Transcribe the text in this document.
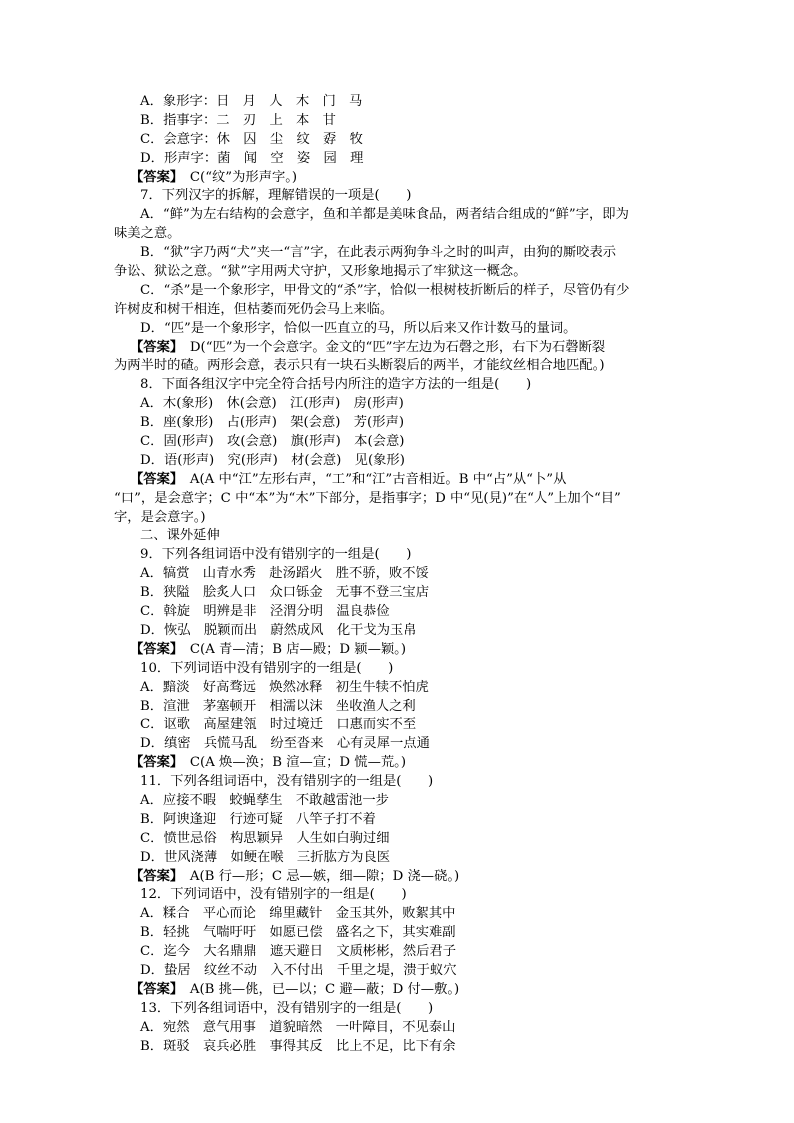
A．象形字：日　月　人　木　门　马
B．指事字：二　刃　上　本　甘
C．会意字：休　囚　尘　纹　孬　牧
D．形声字：菌　闻　空　姿　园　理
【答案】　C(“纹”为形声字。)
7．下列汉字的拆解，理解错误的一项是(　　)
A．“鲜”为左右结构的会意字，鱼和羊都是美味食品，两者结合组成的“鲜”字，即为
味美之意。
B．“狱”字乃两“犬”夹一“言”字，在此表示两狗争斗之时的叫声，由狗的厮咬表示
争讼、狱讼之意。“狱”字用两犬守护，又形象地揭示了牢狱这一概念。
C．“杀”是一个象形字，甲骨文的“杀”字，恰似一根树枝折断后的样子，尽管仍有少
许树皮和树干相连，但枯萎而死仍会马上来临。
D．“匹”是一个象形字，恰似一匹直立的马，所以后来又作计数马的量词。
【答案】　D(“匹”为一个会意字。金文的“匹”字左边为石磬之形，右下为石磬断裂
为两半时的碴。两形会意，表示只有一块石头断裂后的两半，才能纹丝相合地匹配。)
8．下面各组汉字中完全符合括号内所注的造字方法的一组是(　　)
A．木(象形)　休(会意)　江(形声)　房(形声)
B．座(象形)　占(形声)　架(会意)　芳(形声)
C．固(形声)　攻(会意)　旗(形声)　本(会意)
D．语(形声)　究(形声)　材(会意)　见(象形)
【答案】　A(A 中“江”左形右声，“工”和“江”古音相近。B 中“占”从“卜”从
“口”，是会意字；C 中“本”为“木”下部分，是指事字；D 中“见(見)”在“人”上加个“目”
字，是会意字。)
二、课外延伸
9．下列各组词语中没有错别字的一组是(　　)
A．犒赏　山青水秀　赴汤蹈火　胜不骄，败不馁
B．狭隘　脍炙人口　众口铄金　无事不登三宝店
C．斡旋　明辨是非　泾渭分明　温良恭俭
D．恢弘　脱颖而出　蔚然成风　化干戈为玉帛
【答案】　C(A 青—清；B 店—殿；D 颍—颖。)
10．下列词语中没有错别字的一组是(　　)
A．黯淡　好高骛远　焕然冰释　初生牛犊不怕虎
B．渲泄　茅塞顿开　相濡以沫　坐收渔人之利
C．讴歌　高屋建瓴　时过境迁　口惠而实不至
D．缜密　兵慌马乱　纷至沓来　心有灵犀一点通
【答案】　C(A 焕—涣；B 渲—宣；D 慌—荒。)
11．下列各组词语中，没有错别字的一组是(　　)
A．应接不暇　蛟蝇孳生　不敢越雷池一步
B．阿谀逢迎　行迹可疑　八竿子打不着
C．愤世忌俗　构思颖异　人生如白驹过细
D．世风浇薄　如鲠在喉　三折肱方为良医
【答案】　A(B 行—形；C 忌—嫉，细—隙；D 浇—硗。)
12．下列词语中，没有错别字的一组是(　　)
A．糅合　平心而论　绵里藏针　金玉其外，败絮其中
B．轻挑　气喘吁吁　如愿已偿　盛名之下，其实难副
C．迄今　大名鼎鼎　遮天避日　文质彬彬，然后君子
D．蛰居　纹丝不动　入不付出　千里之堤，溃于蚁穴
【答案】　A(B 挑—佻，已—以；C 避—蔽；D 付—敷。)
13．下列各组词语中，没有错别字的一组是(　　)
A．宛然　意气用事　道貌暗然　一叶障目，不见泰山
B．斑驳　哀兵必胜　事得其反　比上不足，比下有余
